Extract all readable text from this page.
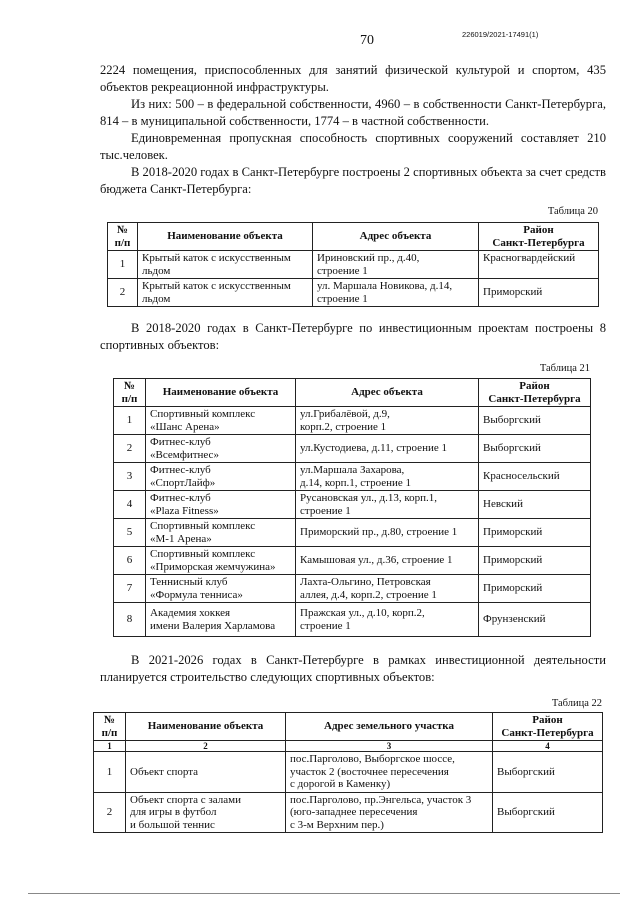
70	226019/2021-17491(1)

2224 помещения, приспособленных для занятий физической культурой и спортом, 435 объектов рекреационной инфраструктуры.

Из них: 500 – в федеральной собственности, 4960 – в собственности Санкт-Петербурга, 814 – в муниципальной собственности, 1774 – в частной собственности.

Единовременная пропускная способность спортивных сооружений составляет 210 тыс.человек.

В 2018-2020 годах в Санкт-Петербурге построены 2 спортивных объекта за счет средств бюджета Санкт-Петербурга:

Таблица 20
№
п/п	Наименование объекта	Адрес объекта	Район
Санкт-Петербурга

1	Крытый каток с искусственным
льдом	Ириновский пр., д.40,
строение 1	Красногвардейский
2	Крытый каток с искусственным
льдом	ул. Маршала Новикова, д.14,
строение 1	Приморский

В 2018-2020 годах в Санкт-Петербурге по инвестиционным проектам построены 8 спортивных объектов:

Таблица 21
№
п/п	Наименование объекта	Адрес объекта	Район
Санкт-Петербурга

1	Спортивный комплекс
«Шанс Арена»	ул.Грибалёвой, д.9,
корп.2, строение 1	Выборгский
2	Фитнес-клуб
«Всемфитнес»	ул.Кустодиева, д.11, строение 1	Выборгский
3	Фитнес-клуб
«СпортЛайф»	ул.Маршала Захарова,
д.14, корп.1, строение 1	Красносельский
4	Фитнес-клуб
«Plaza Fitness»	Русановская ул., д.13, корп.1,
строение 1	Невский
5	Спортивный комплекс
«М-1 Арена»	Приморский пр., д.80, строение 1	Приморский
6	Спортивный комплекс
«Приморская жемчужина»	Камышовая ул., д.36, строение 1	Приморский
7	Теннисный клуб
«Формула тенниса»	Лахта-Ольгино, Петровская
аллея, д.4, корп.2, строение 1	Приморский
8	Академия хоккея
имени Валерия Харламова	Пражская ул., д.10, корп.2,
строение 1	Фрунзенский

В 2021-2026 годах в Санкт-Петербурге в рамках инвестиционной деятельности планируется строительство следующих спортивных объектов:

Таблица 22
№
п/п	Наименование объекта	Адрес земельного участка	Район
Санкт-Петербурга

1	2	3	4
1	Объект спорта	пос.Парголово, Выборгское шоссе,
участок 2 (восточнее пересечения
с дорогой в Каменку)	Выборгский
2	Объект спорта с залами
для игры в футбол
и большой теннис	пос.Парголово, пр.Энгельса, участок 3
(юго-западнее пересечения
с 3-м Верхним пер.)	Выборгский
